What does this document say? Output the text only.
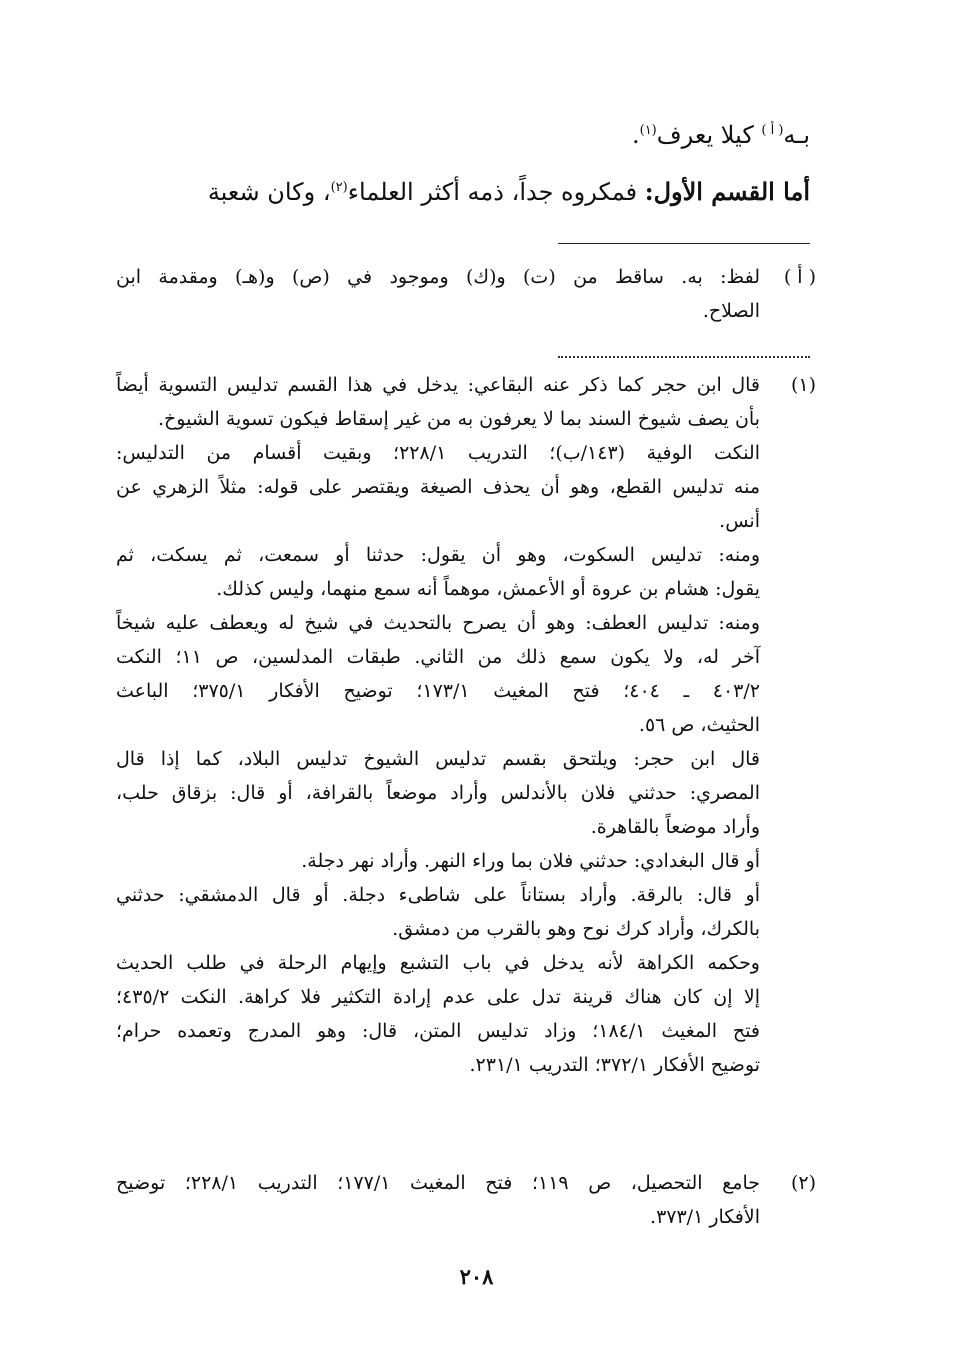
بـه$^{( أ )}$ كيلا يعرف$^{(١)}$.
أما القسم الأول: فمكروه جداً، ذمه أكثر العلماء$^{(٢)}$، وكان شعبة
( أ )
لفظ: به. ساقط من (ت) و(ك) وموجود في (ص) و(هـ) ومقدمة ابن
الصلاح.
(١)
قال ابن حجر كما ذكر عنه البقاعي: يدخل في هذا القسم تدليس التسوية أيضاً
بأن يصف شيوخ السند بما لا يعرفون به من غير إسقاط فيكون تسوية الشيوخ.
النكت الوفية (١٤٣/ب)؛ التدريب ٢٢٨/١؛ وبقيت أقسام من التدليس:
منه تدليس القطع، وهو أن يحذف الصيغة ويقتصر على قوله: مثلاً الزهري عن
أنس.
ومنه: تدليس السكوت، وهو أن يقول: حدثنا أو سمعت، ثم يسكت، ثم
يقول: هشام بن عروة أو الأعمش، موهماً أنه سمع منهما، وليس كذلك.
ومنه: تدليس العطف: وهو أن يصرح بالتحديث في شيخ له ويعطف عليه شيخاً
آخر له، ولا يكون سمع ذلك من الثاني. طبقات المدلسين، ص ١١؛ النكت
٤٠٣/٢ ـ ٤٠٤؛ فتح المغيث ١٧٣/١؛ توضيح الأفكار ٣٧٥/١؛ الباعث
الحثيث، ص ٥٦.
قال ابن حجر: ويلتحق بقسم تدليس الشيوخ تدليس البلاد، كما إذا قال
المصري: حدثني فلان بالأندلس وأراد موضعاً بالقرافة، أو قال: بزقاق حلب،
وأراد موضعاً بالقاهرة.
أو قال البغدادي: حدثني فلان بما وراء النهر. وأراد نهر دجلة.
أو قال: بالرقة. وأراد بستاناً على شاطىء دجلة. أو قال الدمشقي: حدثني
بالكرك، وأراد كرك نوح وهو بالقرب من دمشق.
وحكمه الكراهة لأنه يدخل في باب التشبع وإيهام الرحلة في طلب الحديث
إلا إن كان هناك قرينة تدل على عدم إرادة التكثير فلا كراهة. النكت ٤٣٥/٢؛
فتح المغيث ١٨٤/١؛ وزاد تدليس المتن، قال: وهو المدرج وتعمده حرام؛
توضيح الأفكار ٣٧٢/١؛ التدريب ٢٣١/١.
(٢)
جامع التحصيل، ص ١١٩؛ فتح المغيث ١٧٧/١؛ التدريب ٢٢٨/١؛ توضيح
الأفكار ٣٧٣/١.
٢٠٨
